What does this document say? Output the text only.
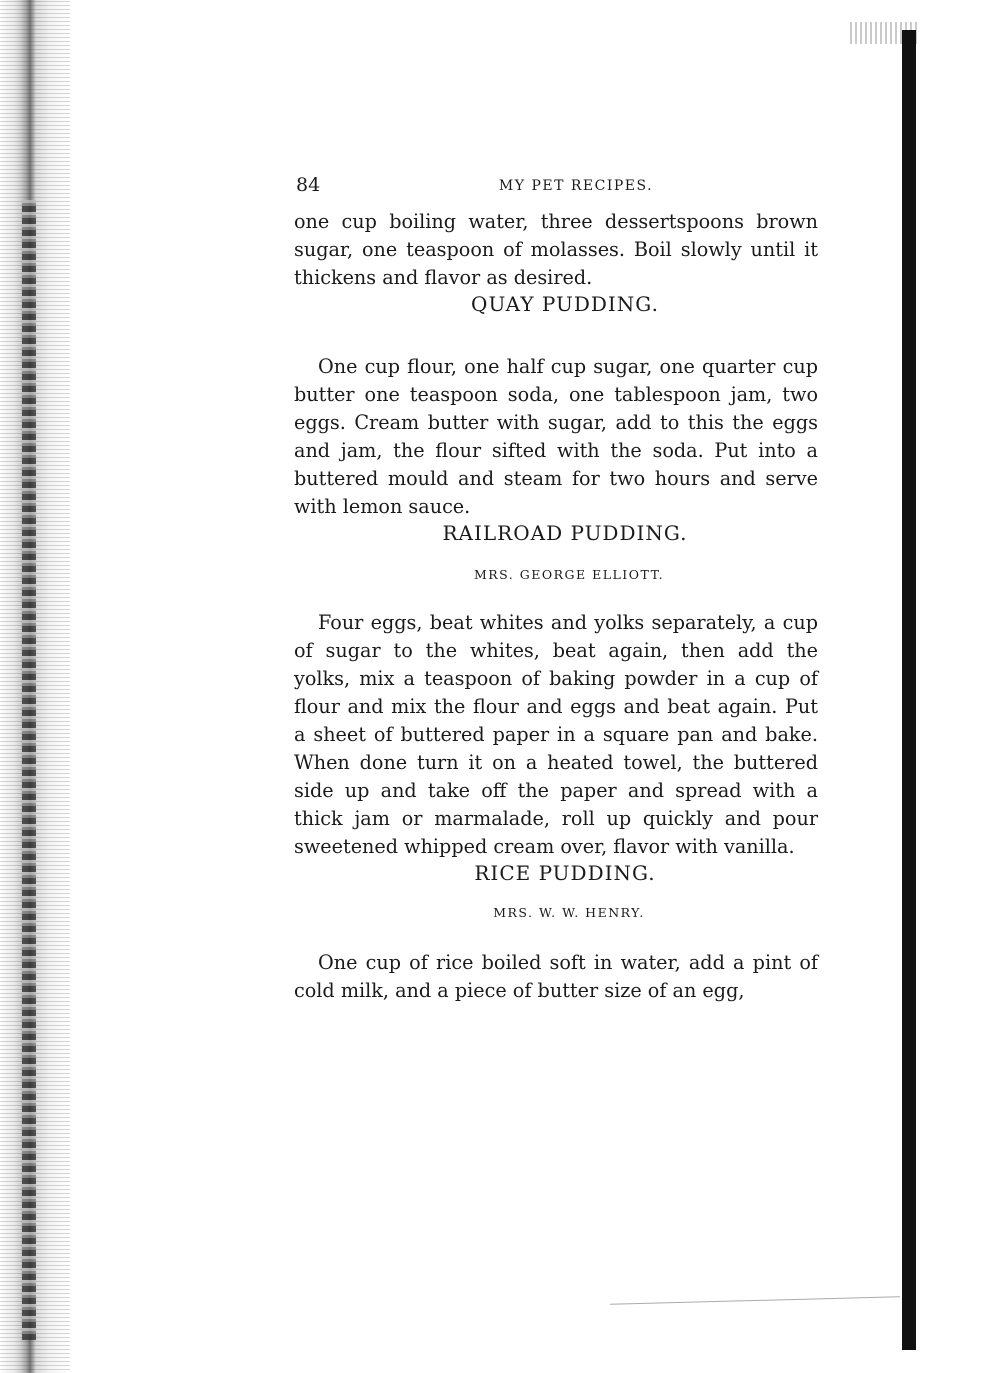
84	MY PET RECIPES.

one cup boiling water, three dessertspoons brown sugar, one teaspoon of molasses. Boil slowly until it thickens and flavor as desired.

QUAY PUDDING.

One cup flour, one half cup sugar, one quarter cup butter one teaspoon soda, one tablespoon jam, two eggs. Cream butter with sugar, add to this the eggs and jam, the flour sifted with the soda. Put into a buttered mould and steam for two hours and serve with lemon sauce.

RAILROAD PUDDING.
MRS. GEORGE ELLIOTT.

Four eggs, beat whites and yolks separately, a cup of sugar to the whites, beat again, then add the yolks, mix a teaspoon of baking powder in a cup of flour and mix the flour and eggs and beat again. Put a sheet of buttered paper in a square pan and bake. When done turn it on a heated towel, the buttered side up and take off the paper and spread with a thick jam or marmalade, roll up quickly and pour sweetened whipped cream over, flavor with vanilla.

RICE PUDDING.
MRS. W. W. HENRY.

One cup of rice boiled soft in water, add a pint of cold milk, and a piece of butter size of an egg,
